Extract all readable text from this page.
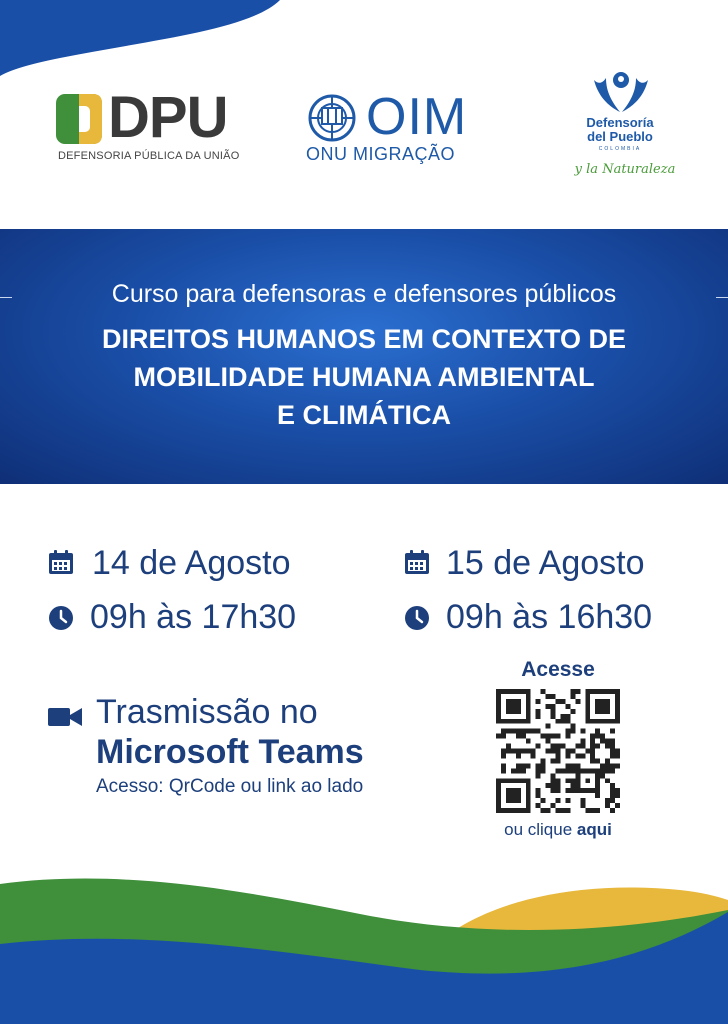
DPU
DEFENSORIA PÚBLICA DA UNIÃO
OIM
ONU MIGRAÇÃO
Defensoría
del Pueblo
COLOMBIA
y la Naturaleza
Curso para defensoras e defensores públicos
DIREITOS HUMANOS EM CONTEXTO DE
MOBILIDADE HUMANA AMBIENTAL
E CLIMÁTICA
14 de Agosto
09h às 17h30
15 de Agosto
09h às 16h30
Trasmissão no
Microsoft Teams
Acesso: QrCode ou link ao lado
Acesse
ou clique aqui
